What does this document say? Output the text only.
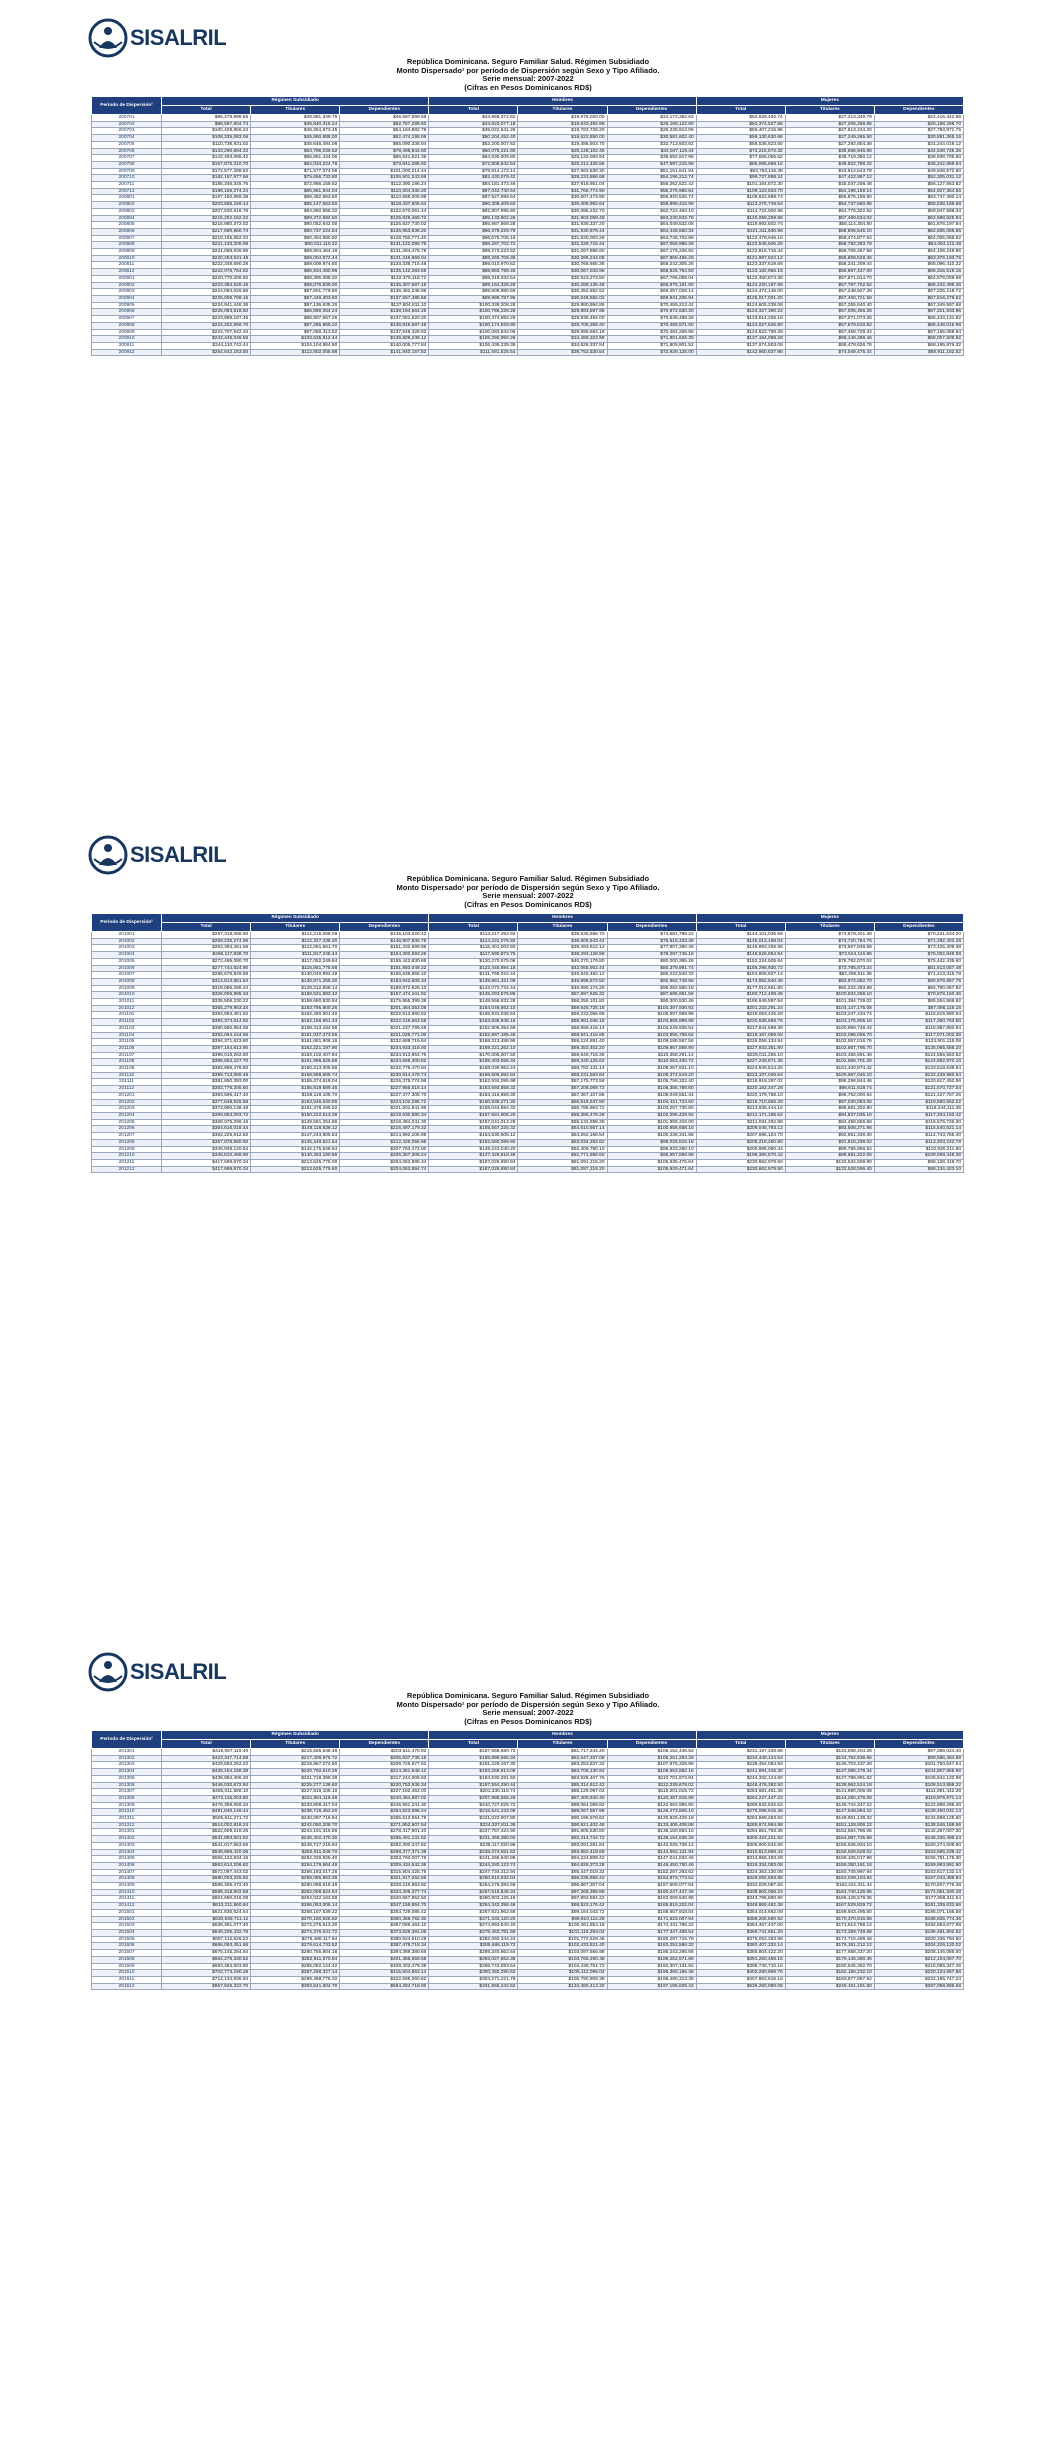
SISALRIL
República Dominicana. Seguro Familiar Salud. Régimen Subsidiado
Monto Dispersado¹ por período de Dispersión según Sexo y Tipo Afiliado.
Serie mensual: 2007-2022
(Cifras en Pesos Dominicanos RD$)
Período de Dispersión²	Régimen Subsidiado			Hombres			Mujeres		
	Total	Titulares	Dependientes	Total	Titulares	Dependientes	Total	Titulares	Dependientes
200701	$96,478,999.56	$49,881,349.79	$46,597,599.59	$43,869,372.62	$19,976,020.00	$24,173,352.62	$52,629,492.74	$27,213,349.79	$24,416,342.96
200702	$98,597,604.74	$45,840,315.24	$52,757,289.50	$44,823,077.18	$19,633,494.98	$25,189,122.80	$53,374,527.56	$27,206,258.86	$26,168,268.70
200703	$100,429,856.24	$46,264,973.45	$54,164,882.79	$45,022,641.26	$19,783,728.20	$25,238,913.06	$55,407,215.95	$27,613,244.20	$27,793,971.75
200704	$108,335,083.06	$45,860,888.00	$62,474,195.06	$50,204,452.40	$19,622,850.00	$30,581,602.40	$58,130,630.66	$27,249,265.50	$30,881,365.16
200705	$110,736,831.02	$45,646,494.08	$65,090,336.94	$52,200,007.52	$19,486,503.70	$32,713,503.82	$58,536,823.50	$27,292,804.38	$31,244,019.12
200706	$133,290,894.22	$53,795,049.62	$79,495,844.60	$60,075,221.90	$25,128,102.46	$34,947,119.44	$73,215,672.32	$38,666,946.96	$34,548,725.36
200707	$142,493,065.42	$55,851,444.06	$86,641,621.36	$64,835,009.80	$25,132,093.94	$39,692,917.96	$77,658,055.62	$38,719,350.12	$38,938,705.50
200708	$157,875,310.70	$84,034,224.78	$73,841,085.92	$72,809,642.54	$25,212,426.56	$47,597,215.98	$85,065,668.16	$39,822,798.22	$45,242,869.94
200709	$172,577,288.52	$71,577,074.08	$101,000,214.44	$78,814,172.14	$27,662,530.30	$51,151,641.84	$93,763,116.38	$43,914,543.78	$49,848,572.60
200710	$182,157,977.66	$75,656,733.80	$106,501,243.86	$82,430,079.42	$28,233,866.68	$54,196,212.74	$99,727,898.24	$47,422,867.12	$52,305,031.12
200711	$185,346,345.76	$72,956,159.52	$112,390,186.24	$84,181,473.46	$27,918,951.04	$56,262,522.42	$101,164,872.30	$45,037,208.48	$56,127,663.82
200712	$196,166,274.24	$85,961,944.04	$110,204,330.20	$87,042,740.54	$31,765,774.90	$55,276,965.64	$109,123,533.70	$54,196,169.14	$54,927,364.56
200801	$197,150,669.38	$86,482,663.50	$110,668,005.88	$87,527,999.64	$30,607,473.90	$56,920,525.74	$109,622,669.74	$55,875,189.60	$53,747,480.14
200802	$203,585,159.14	$85,147,553.50	$118,437,605.64	$90,309,409.60	$30,409,992.64	$59,899,416.96	$113,275,749.54	$54,737,560.86	$58,538,188.68
200803	$207,530,616.76	$84,860,555.32	$122,670,061.44	$92,807,695.80	$30,085,232.70	$62,722,463.10	$114,722,920.96	$54,775,322.62	$59,947,598.34
200804	$215,202,162.22	$89,372,692.50	$125,829,469.72	$95,133,902.26	$31,903,058.48	$63,230,843.78	$120,068,259.96	$57,469,634.02	$62,598,625.94
200805	$215,980,372.02	$90,052,642.00	$125,927,730.02	$95,987,869.28	$31,938,337.20	$64,049,532.08	$119,992,502.74	$58,114,304.80	$61,878,197.94
200806	$217,690,860.74	$90,737,224.54	$126,953,636.20	$96,379,229.78	$31,930,679.44	$64,448,550.34	$121,311,630.96	$58,806,545.10	$62,505,085.86
200807	$219,155,652.32	$90,404,880.92	$128,750,771.40	$96,675,706.16	$31,930,003.28	$64,745,702.88	$122,479,946.16	$58,474,877.64	$64,005,068.52
200808	$221,133,208.98	$90,011,110.22	$131,122,098.76	$98,287,702.72	$31,228,716.44	$67,058,986.28	$122,845,506.26	$58,782,393.78	$64,063,112.48
200809	$221,088,939.96	$89,804,464.18	$131,284,475.78	$98,273,223.52	$31,097,996.60	$67,175,226.92	$122,815,716.44	$58,706,467.58	$64,109,248.86
200810	$220,253,531.48	$89,004,872.44	$131,248,659.04	$98,265,709.36	$30,396,244.08	$67,869,465.28	$121,987,822.12	$58,608,628.36	$63,379,193.76
200811	$222,348,590.28	$89,009,874.80	$133,338,715.48	$99,010,970.62	$30,768,665.36	$68,242,305.26	$123,337,619.66	$58,241,209.44	$65,096,410.22
200812	$222,076,764.62	$86,934,480.96	$135,142,283.66	$98,893,798.46	$30,067,033.96	$68,826,764.50	$123,182,966.16	$56,867,447.00	$66,315,519.16
200901	$220,770,206.92	$88,395,088.20	$132,375,118.72	$98,319,332.54	$30,523,273.50	$67,796,059.04	$122,450,874.38	$57,871,814.70	$64,579,059.68
200902	$223,384,526.16	$88,076,839.00	$135,307,687.16	$99,164,328.28	$30,289,136.48	$68,875,191.80	$124,220,197.88	$57,787,702.52	$66,432,495.36
200903	$224,084,026.66	$87,601,779.80	$136,482,246.86	$99,609,880.66	$30,352,852.52	$69,257,028.14	$124,474,146.00	$57,248,927.28	$67,225,218.72
200904	$225,006,789.16	$87,449,303.60	$137,557,485.56	$99,989,787.96	$30,048,582.02	$69,941,205.94	$125,017,001.20	$57,400,721.58	$67,616,279.62
200905	$224,941,446.36	$87,136,635.26	$137,804,811.10	$100,336,208.28	$29,880,994.86	$70,455,213.42	$124,605,238.08	$57,255,640.40	$67,349,597.68
200906	$225,093,618.50	$86,899,054.24	$138,194,564.26	$100,766,228.28	$29,893,597.98	$70,872,630.30	$124,327,390.22	$57,005,456.26	$67,321,933.96
200907	$223,989,187.46	$86,907,567.26	$137,081,620.20	$100,474,982.28	$29,836,494.00	$70,638,488.28	$123,514,205.18	$57,071,073.26	$66,443,131.92
200908	$224,202,556.70	$87,285,969.22	$136,916,587.48	$100,174,929.90	$29,706,358.40	$70,468,571.50	$124,027,626.80	$57,579,610.82	$66,448,015.98
200909	$224,707,642.34	$87,058,313.52	$137,649,328.82	$100,083,844.06	$29,599,584.18	$70,484,259.88	$124,623,798.28	$57,458,729.34	$67,165,068.94
200910	$243,445,048.56	$103,635,812.44	$139,809,236.12	$106,290,950.28	$34,489,323.98	$71,801,626.30	$137,154,098.28	$69,146,488.46	$68,007,609.82
200911	$244,110,742.44	$104,104,964.60	$140,005,777.84	$106,436,239.36	$34,626,337.84	$71,809,901.52	$137,674,503.08	$69,478,626.76	$68,195,876.32
200912	$254,642,163.50	$112,802,005.98	$141,840,157.52	$111,681,525.54	$38,752,530.54	$72,929,125.00	$142,960,637.96	$74,049,475.44	$68,911,162.52
SISALRIL
República Dominicana. Seguro Familiar Salud. Régimen Subsidiado
Monto Dispersado¹ por período de Dispersión según Sexo y Tipo Afiliado.
Serie mensual: 2007-2022
(Cifras en Pesos Dominicanos RD$)
Período de Dispersión²	Régimen Subsidiado			Hombres			Mujeres		
	Total	Titulares	Dependientes	Total	Titulares	Dependientes	Total	Titulares	Dependientes
201001	$257,318,088.50	$112,215,068.08	$145,103,020.42	$113,217,452.92	$38,535,666.70	$74,681,786.22	$144,101,035.58	$73,679,401.38	$70,421,634.20
201002	$259,235,274.96	$112,327,438.20	$146,907,836.76	$114,222,076.92	$38,606,643.44	$75,615,433.48	$145,013,198.04	$73,720,794.76	$71,292,403.28
201003	$263,394,261.56	$112,061,561.70	$151,332,699.86	$116,401,002.60	$38,493,612.12	$77,907,390.48	$146,993,258.96	$73,567,949.58	$73,425,309.38
201004	$266,117,838.70	$111,817,245.44	$154,300,593.26	$117,590,873.76	$38,293,128.58	$79,297,745.18	$148,526,964.94	$73,524,116.86	$75,002,848.08
201005	$272,495,080.70	$117,052,249.84	$155,442,830.86	$120,270,575.06	$40,270,179.80	$80,000,395.26	$152,224,505.64	$76,782,070.04	$75,442,435.60
201006	$277,744,824.90	$115,851,775.68	$161,893,049.22	$122,445,894.18	$42,065,902.44	$80,379,991.74	$155,298,930.72	$73,785,873.24	$81,513,057.48
201007	$286,676,849.58	$130,040,993.48	$156,635,856.10	$131,768,022.44	$46,545,482.12	$85,222,540.32	$154,908,827.14	$83,495,511.36	$71,413,315.78
201008	$314,813,861.54	$130,871,255.20	$183,942,606.34	$139,861,321.08	$46,898,572.50	$92,962,748.58	$174,952,540.46	$83,972,682.70	$90,979,857.76
201009	$319,085,286.24	$129,212,658.14	$189,872,628.10	$142,072,734.44	$46,990,174.26	$95,082,560.18	$177,012,551.80	$82,222,483.88	$94,790,067.92
201010	$326,005,985.34	$158,531,883.42	$167,474,101.92	$145,293,576.88	$57,697,625.32	$87,595,951.56	$180,712,408.46	$100,834,258.10	$79,878,150.36
201011	$335,506,230.22	$159,650,830.84	$175,855,399.38	$148,556,632.28	$58,256,101.82	$90,300,530.46	$186,949,597.94	$101,394,729.02	$85,554,868.92
201012	$365,279,953.34	$163,795,900.26	$201,484,053.08	$164,046,662.10	$59,648,725.18	$104,397,936.92	$201,233,291.24	$104,147,175.08	$97,086,116.16
201101	$384,994,461.92	$162,480,501.40	$222,513,960.52	$165,931,036.64	$59,233,066.66	$106,697,969.98	$219,063,425.28	$103,247,434.74	$115,815,990.54
201102	$384,373,614.92	$162,156,951.34	$222,216,663.58	$163,836,946.16	$58,981,046.18	$104,855,899.98	$220,536,668.76	$103,175,905.16	$117,360,763.60
201103	$380,650,954.06	$159,413,164.58	$221,237,789.48	$162,806,354.68	$58,556,416.14	$104,249,938.54	$217,844,599.38	$100,856,748.44	$116,987,850.94
201104	$382,064,244.56	$161,037,473.56	$221,026,771.00	$162,897,185.48	$58,941,416.86	$103,955,768.62	$219,167,059.08	$102,096,056.70	$117,071,002.38
201105	$394,371,623.80	$161,681,908.16	$232,689,715.64	$168,313,488.96	$59,124,891.40	$109,188,597.56	$226,058,134.84	$102,557,016.76	$123,501,118.08
201106	$397,154,613.90	$162,221,197.90	$234,933,416.00	$169,221,262.10	$59,353,402.20	$109,867,859.90	$227,933,351.80	$102,867,795.70	$125,065,556.10
201107	$398,016,262.60	$163,102,407.84	$234,913,854.76	$170,005,007.50	$59,646,716.36	$110,358,291.14	$228,011,255.10	$103,455,691.48	$124,555,563.62
201108	$396,653,227.70	$161,996,826.88	$234,656,400.82	$169,403,556.34	$59,340,125.62	$110,063,430.72	$227,249,671.36	$102,656,701.26	$124,592,970.10
201109	$392,989,476.50	$160,213,005.56	$232,776,470.94	$168,039,962.24	$58,782,131.14	$109,257,831.10	$224,949,514.26	$101,430,874.42	$123,518,639.84
201110	$389,713,089.48	$158,898,609.74	$230,814,479.74	$166,606,082.84	$58,231,563.64	$108,374,519.20	$223,107,006.64	$100,667,046.10	$122,439,960.54
201111	$381,850,393.00	$155,474,618.04	$226,375,774.96	$162,934,095.98	$57,175,773.58	$105,758,322.40	$218,916,297.02	$98,298,844.46	$120,617,452.56
201112	$383,776,205.60	$155,819,689.46	$227,956,516.14	$163,593,858.32	$57,208,069.72	$106,385,788.60	$220,182,347.28	$98,611,619.74	$121,570,727.54
201201	$383,596,417.40	$156,119,108.70	$227,477,308.70	$163,416,659.30	$57,367,107.86	$106,049,551.44	$220,179,758.10	$98,752,000.84	$121,427,757.26
201202	$377,648,926.58	$153,546,640.86	$224,102,285.72	$160,938,271.30	$56,516,547.80	$104,421,723.50	$216,710,655.28	$97,030,093.06	$119,680,562.22
201203	$372,980,138.48	$151,478,296.52	$221,501,841.96	$159,044,694.32	$55,786,963.72	$103,257,730.60	$213,935,444.16	$95,691,332.80	$118,244,111.36
201204	$369,853,093.72	$150,222,513.38	$219,630,580.34	$157,681,908.20	$55,385,478.28	$102,296,429.92	$212,171,185.52	$94,837,035.10	$117,334,150.42
201205	$368,075,296.16	$149,591,254.86	$218,484,041.30	$157,041,013.28	$55,132,698.28	$101,908,315.00	$211,034,282.88	$94,458,556.58	$116,575,726.30
201206	$364,616,018.44	$148,118,839.12	$216,497,179.32	$155,567,225.32	$54,610,567.14	$100,956,658.18	$209,048,793.12	$93,508,271.98	$115,540,521.14
201207	$362,225,612.82	$147,243,505.84	$214,982,106.98	$154,530,508.12	$54,292,166.54	$100,238,341.58	$207,695,104.70	$92,951,339.30	$114,743,765.40
201208	$357,878,580.60	$145,449,521.64	$212,429,058.96	$152,660,099.80	$53,634,283.62	$99,025,816.18	$205,218,480.80	$91,815,238.02	$113,403,242.78
201209	$349,939,120.64	$142,175,648.64	$207,763,472.00	$149,243,040.20	$52,409,780.10	$96,833,260.10	$200,696,080.44	$89,765,868.54	$110,930,211.90
201210	$345,810,488.90	$140,453,180.66	$205,357,308.24	$147,429,818.48	$51,771,958.60	$95,657,859.88	$198,380,670.42	$88,681,222.06	$109,699,448.36
201211	$417,689,670.34	$213,625,775.00	$204,063,895.34	$187,026,690.84	$81,091,215.20	$105,935,475.64	$230,662,979.50	$132,534,559.80	$98,128,419.70
201212	$417,689,670.34	$213,625,775.60	$204,063,894.74	$187,026,690.84	$81,097,219.20	$105,929,471.64	$230,662,979.50	$132,528,556.40	$98,134,423.10
SISALRIL
República Dominicana. Seguro Familiar Salud. Régimen Subsidiado
Monto Dispersado¹ por período de Dispersión según Sexo y Tipo Afiliado.
Serie mensual: 2007-2022
(Cifras en Pesos Dominicanos RD$)
Período de Dispersión²	Régimen Subsidiado			Hombres			Mujeres		
	Total	Titulares	Dependientes	Total	Titulares	Dependientes	Total	Titulares	Dependientes
201301	$419,067,119.40	$215,555,648.48	$203,511,470.92	$187,869,690.72	$81,717,244.20	$106,152,446.52	$231,197,428.68	$133,838,404.28	$97,359,024.40
201302	$423,347,714.88	$217,409,976.72	$205,937,738.16	$188,898,590.34	$82,647,337.06	$106,251,253.28	$234,449,124.54	$134,762,639.66	$99,686,484.88
201303	$429,683,252.22	$219,957,274.60	$209,725,977.62	$191,229,167.30	$83,253,837.32	$107,975,329.98	$238,454,084.92	$136,703,437.28	$101,750,647.64
201304	$435,154,158.38	$220,792,610.26	$214,361,548.12	$193,259,813.08	$83,706,130.92	$109,553,682.16	$241,894,345.30	$137,086,479.34	$104,807,865.96
201305	$438,962,406.20	$221,718,399.38	$217,244,006.82	$194,630,281.60	$83,928,407.76	$110,701,873.84	$244,332,124.60	$137,789,991.62	$106,542,132.98
201306	$446,030,672.94	$225,277,136.60	$220,753,536.34	$197,554,290.44	$85,314,612.42	$112,239,678.02	$248,476,382.50	$139,962,524.18	$108,513,858.32
201307	$455,011,568.10	$227,819,106.10	$227,192,462.00	$201,330,116.74	$86,129,097.02	$115,201,019.72	$253,681,451.36	$141,690,009.08	$111,991,442.28
201308	$472,116,003.50	$231,651,116.48	$240,464,887.02	$207,888,556.28	$87,400,640.40	$120,487,915.88	$264,227,447.22	$144,250,476.08	$119,976,971.14
201309	$479,359,658.34	$233,808,417.04	$245,551,241.30	$210,727,025.72	$88,064,069.82	$122,662,955.90	$268,632,632.62	$145,744,347.22	$122,888,285.40
201310	$491,640,148.44	$236,716,452.20	$254,923,696.24	$215,541,233.08	$89,067,567.98	$126,473,665.10	$276,098,915.36	$147,648,884.22	$128,450,031.14
201311	$505,611,271.72	$240,097,716.94	$265,513,554.78	$221,022,007.80	$90,196,578.62	$130,825,429.18	$284,589,263.92	$149,901,138.32	$134,688,125.60
201312	$514,002,816.24	$242,050,208.70	$271,952,607.54	$224,327,811.36	$90,921,402.48	$133,406,408.88	$289,674,994.88	$151,128,806.22	$138,546,188.66
201401	$522,609,218.26	$244,191,316.86	$278,417,901.40	$227,757,424.90	$91,606,530.80	$136,150,894.10	$294,851,793.36	$152,584,786.06	$142,267,007.30
201402	$531,893,601.82	$246,402,470.30	$285,491,131.52	$231,469,380.00	$92,314,744.72	$139,154,635.28	$300,424,221.82	$154,087,725.58	$146,336,496.24
201403	$541,017,563.56	$248,717,215.94	$292,300,347.62	$235,117,020.96	$93,091,281.84	$142,025,739.12	$305,900,542.60	$155,625,934.10	$150,274,608.50
201404	$548,988,420.06	$250,611,048.70	$298,377,371.36	$238,374,551.62	$93,682,419.68	$144,692,131.94	$310,613,868.44	$156,928,629.02	$153,685,239.42
201405	$556,122,834.16	$252,329,826.40	$303,793,007.76	$241,266,640.88	$94,224,808.42	$147,041,832.46	$314,856,193.28	$158,105,017.98	$156,751,175.30
201406	$563,614,206.82	$254,179,564.46	$309,434,642.36	$244,280,123.74	$94,829,373.28	$149,450,750.46	$319,334,083.08	$159,350,191.18	$159,983,891.90
201407	$572,097,443.02	$256,193,017.26	$315,904,425.76	$247,734,312.94	$95,447,019.32	$152,287,293.62	$324,363,130.08	$160,745,997.94	$163,617,132.14
201408	$580,003,225.92	$258,085,963.36	$321,917,262.56	$250,910,632.04	$96,036,858.42	$154,873,773.62	$329,092,593.88	$162,049,104.94	$167,043,488.94
201409	$588,305,472.40	$260,088,618.48	$328,216,853.92	$254,276,384.58	$96,667,307.04	$157,609,077.54	$334,029,087.82	$163,421,311.44	$170,607,776.38
201410	$596,318,902.58	$262,009,524.84	$334,309,377.74	$257,516,846.34	$97,269,398.88	$160,247,447.46	$338,802,056.24	$164,740,125.96	$174,061,930.28
201411	$604,690,016.08	$264,022,163.58	$340,667,852.50	$260,903,125.18	$97,893,584.22	$163,009,540.96	$343,786,890.90	$166,128,579.36	$177,658,311.54
201412	$613,211,860.84	$266,053,006.14	$347,158,854.70	$264,342,398.46	$98,523,176.42	$165,819,222.04	$348,869,462.38	$167,529,829.72	$181,339,632.66
201501	$621,836,624.64	$268,107,539.22	$353,729,085.42	$267,821,962.56	$99,164,043.72	$168,657,918.84	$354,014,662.08	$168,943,495.50	$185,071,166.58
201502	$630,539,711.12	$270,180,928.82	$360,358,782.30	$271,333,120.20	$99,810,112.26	$171,523,007.94	$359,206,590.92	$170,370,816.56	$188,835,774.36
201503	$639,361,077.40	$272,275,613.30	$367,085,464.10	$274,893,640.40	$100,461,854.18	$174,431,786.22	$364,467,437.00	$171,813,759.12	$192,653,677.88
201504	$648,205,432.78	$274,376,041.72	$373,829,391.06	$278,463,781.58	$101,116,293.04	$177,347,488.54	$369,741,651.20	$173,259,748.68	$196,481,902.52
201505	$657,112,628.22	$276,488,117.94	$380,624,510.28	$282,060,344.24	$101,772,628.46	$180,287,715.78	$375,052,283.98	$174,715,489.48	$200,336,794.50
201506	$666,093,451.86	$278,614,733.52	$387,478,718.34	$285,686,119.72	$102,433,521.40	$183,252,598.32	$380,407,332.14	$176,181,212.12	$204,226,120.02
201507	$675,145,284.84	$280,755,904.18	$394,389,380.66	$289,340,862.64	$103,097,566.98	$186,243,295.66	$385,804,422.20	$177,658,337.20	$208,146,085.00
201508	$684,278,330.52	$282,911,670.94	$401,366,659.58	$293,027,862.36	$103,765,290.48	$189,262,571.88	$391,250,468.16	$179,146,380.46	$212,104,087.70
201509	$693,484,603.80	$285,082,124.42	$408,402,479.38	$296,743,893.64	$104,436,761.72	$192,307,131.92	$396,740,710.16	$180,645,362.70	$216,095,347.46
201510	$702,773,190.28	$287,268,327.14	$415,504,863.14	$300,492,290.52	$105,112,095.04	$195,380,195.48	$402,280,899.76	$182,156,232.10	$220,124,667.66
201511	$712,134,836.94	$289,468,776.32	$422,666,060.62	$304,271,221.76	$105,790,908.38	$198,480,313.38	$407,863,615.18	$183,677,867.94	$224,185,747.24
201512	$967,926,322.70	$383,641,604.70	$584,284,718.00	$331,666,242.62	$134,480,413.20	$197,185,829.42	$636,260,080.08	$249,161,191.50	$387,098,888.58
